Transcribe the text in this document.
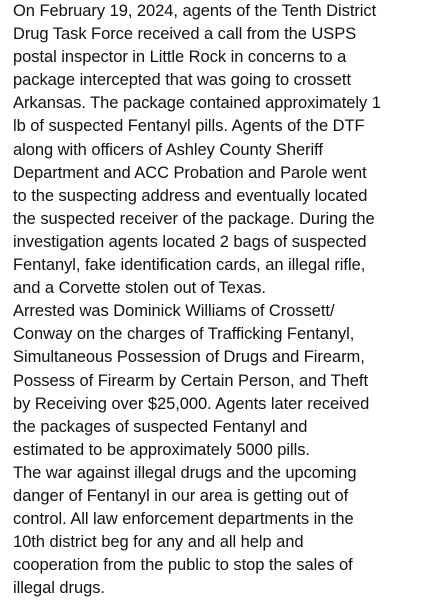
On February 19, 2024, agents of the Tenth District
Drug Task Force received a call from the USPS
postal inspector in Little Rock in concerns to a
package intercepted that was going to crossett
Arkansas. The package contained approximately 1
lb of suspected Fentanyl pills. Agents of the DTF
along with officers of Ashley County Sheriff
Department and ACC Probation and Parole went
to the suspecting address and eventually located
the suspected receiver of the package. During the
investigation agents located 2 bags of suspected
Fentanyl, fake identification cards, an illegal rifle,
and a Corvette stolen out of Texas.
Arrested was Dominick Williams of Crossett/
Conway on the charges of Trafficking Fentanyl,
Simultaneous Possession of Drugs and Firearm,
Possess of Firearm by Certain Person, and Theft
by Receiving over $25,000. Agents later received
the packages of suspected Fentanyl and
estimated to be approximately 5000 pills.
The war against illegal drugs and the upcoming
danger of Fentanyl in our area is getting out of
control. All law enforcement departments in the
10th district beg for any and all help and
cooperation from the public to stop the sales of
illegal drugs.
